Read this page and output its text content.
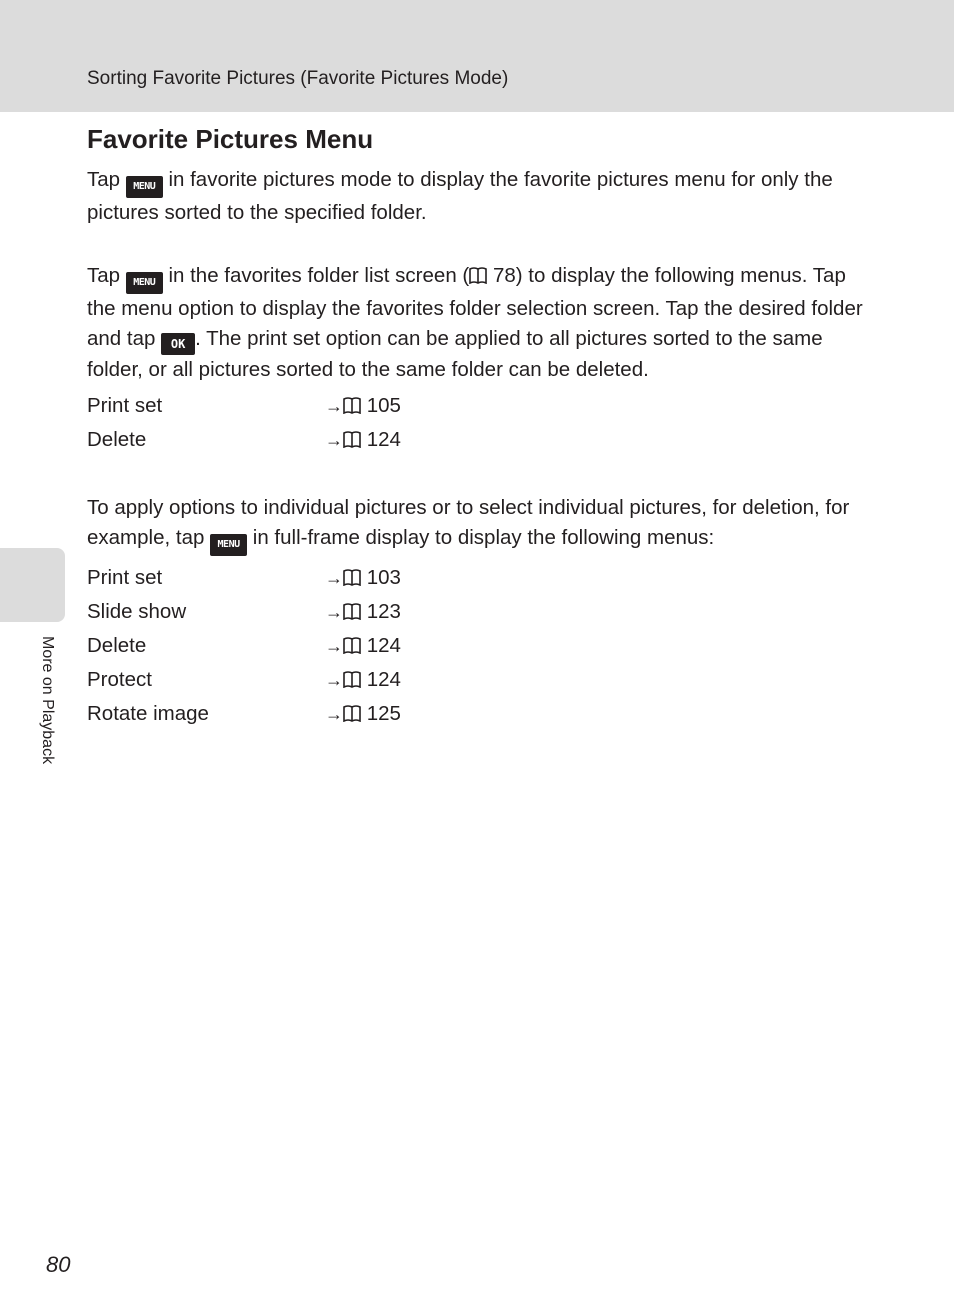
Sorting Favorite Pictures (Favorite Pictures Mode)
More on Playback
Favorite Pictures Menu

Tap MENU in favorite pictures mode to display the favorite pictures menu for only the pictures sorted to the specified folder.

Tap MENU in the favorites folder list screen ( 78) to display the following menus. Tap the menu option to display the favorites folder selection screen. Tap the desired folder and tap OK . The print set option can be applied to all pictures sorted to the same folder, or all pictures sorted to the same folder can be deleted.

Print set	→ 105
Delete	→ 124

To apply options to individual pictures or to select individual pictures, for deletion, for example, tap MENU in full-frame display to display the following menus:

Print set	→ 103
Slide show	→ 123
Delete	→ 124
Protect	→ 124
Rotate image	→ 125
80
